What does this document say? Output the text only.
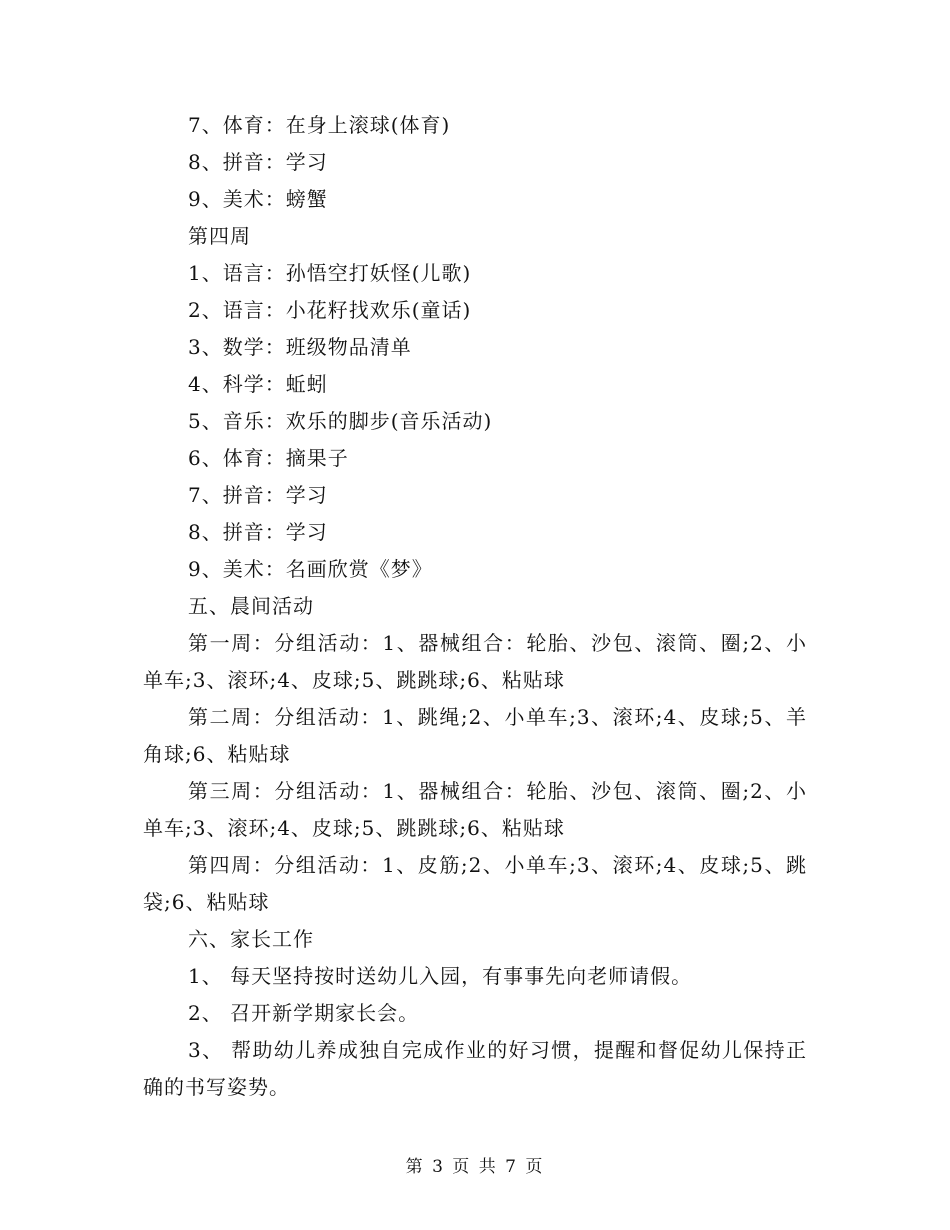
7、体育：在身上滚球(体育)
8、拼音：学习
9、美术：螃蟹
第四周
1、语言：孙悟空打妖怪(儿歌)
2、语言：小花籽找欢乐(童话)
3、数学：班级物品清单
4、科学：蚯蚓
5、音乐：欢乐的脚步(音乐活动)
6、体育：摘果子
7、拼音：学习
8、拼音：学习
9、美术：名画欣赏《梦》
五、晨间活动
第一周：分组活动：1、器械组合：轮胎、沙包、滚筒、圈;2、小单车;3、滚环;4、皮球;5、跳跳球;6、粘贴球
第二周：分组活动：1、跳绳;2、小单车;3、滚环;4、皮球;5、羊角球;6、粘贴球
第三周：分组活动：1、器械组合：轮胎、沙包、滚筒、圈;2、小单车;3、滚环;4、皮球;5、跳跳球;6、粘贴球
第四周：分组活动：1、皮筋;2、小单车;3、滚环;4、皮球;5、跳袋;6、粘贴球
六、家长工作
1、 每天坚持按时送幼儿入园，有事事先向老师请假。
2、 召开新学期家长会。
3、 帮助幼儿养成独自完成作业的好习惯，提醒和督促幼儿保持正确的书写姿势。
第 3 页 共 7 页
